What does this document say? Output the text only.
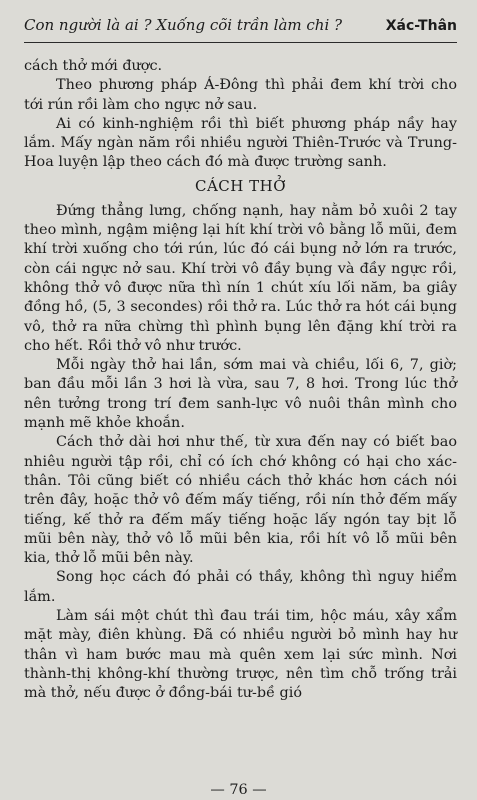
Con người là ai ? Xuống cõi trần làm chi ?	Xác-Thân

cách thở mới được.

Theo phương pháp Á-Đông thì phải đem khí trời cho tới rún rồi làm cho ngực nở sau.

Ai có kinh-nghiệm rồi thì biết phương pháp nầy hay lắm. Mấy ngàn năm rồi nhiều người Thiên-Trước và Trung-Hoa luyện lập theo cách đó mà được trường sanh.

CÁCH THỞ

Đứng thẳng lưng, chống nạnh, hay nằm bỏ xuôi 2 tay theo mình, ngậm miệng lại hít khí trời vô bằng lỗ mũi, đem khí trời xuống cho tới rún, lúc đó cái bụng nở lớn ra trước, còn cái ngực nở sau. Khí trời vô đầy bụng và đầy ngực rồi, không thở vô được nữa thì nín 1 chút xíu lối năm, ba giây đồng hồ, (5, 3 secondes) rồi thở ra. Lúc thở ra hót cái bụng vô, thở ra nữa chừng thì phình bụng lên đặng khí trời ra cho hết. Rồi thở vô như trước.

Mỗi ngày thở hai lần, sớm mai và chiều, lối 6, 7, giờ; ban đầu mỗi lần 3 hơi là vừa, sau 7, 8 hơi. Trong lúc thở nên tưởng trong trí đem sanh-lực vô nuôi thân mình cho mạnh mẽ khỏe khoắn.

Cách thở dài hơi như thế, từ xưa đến nay có biết bao nhiêu người tập rồi, chỉ có ích chớ không có hại cho xác-thân. Tôi cũng biết có nhiều cách thở khác hơn cách nói trên đây, hoặc thở vô đếm mấy tiếng, rồi nín thở đếm mấy tiếng, kế thở ra đếm mấy tiếng hoặc lấy ngón tay bịt lỗ mũi bên này, thở vô lỗ mũi bên kia, rồi hít vô lỗ mũi bên kia, thở lỗ mũi bên này.

Song học cách đó phải có thầy, không thì nguy hiểm lắm.

Làm sái một chút thì đau trái tim, hộc máu, xây xẩm mặt mày, điên khùng. Đã có nhiều người bỏ mình hay hư thân vì ham bước mau mà quên xem lại sức mình. Nơi thành-thị không-khí thường trược, nên tìm chỗ trống trải mà thở, nếu được ở đồng-bái tư-bề gió

— 76 —
